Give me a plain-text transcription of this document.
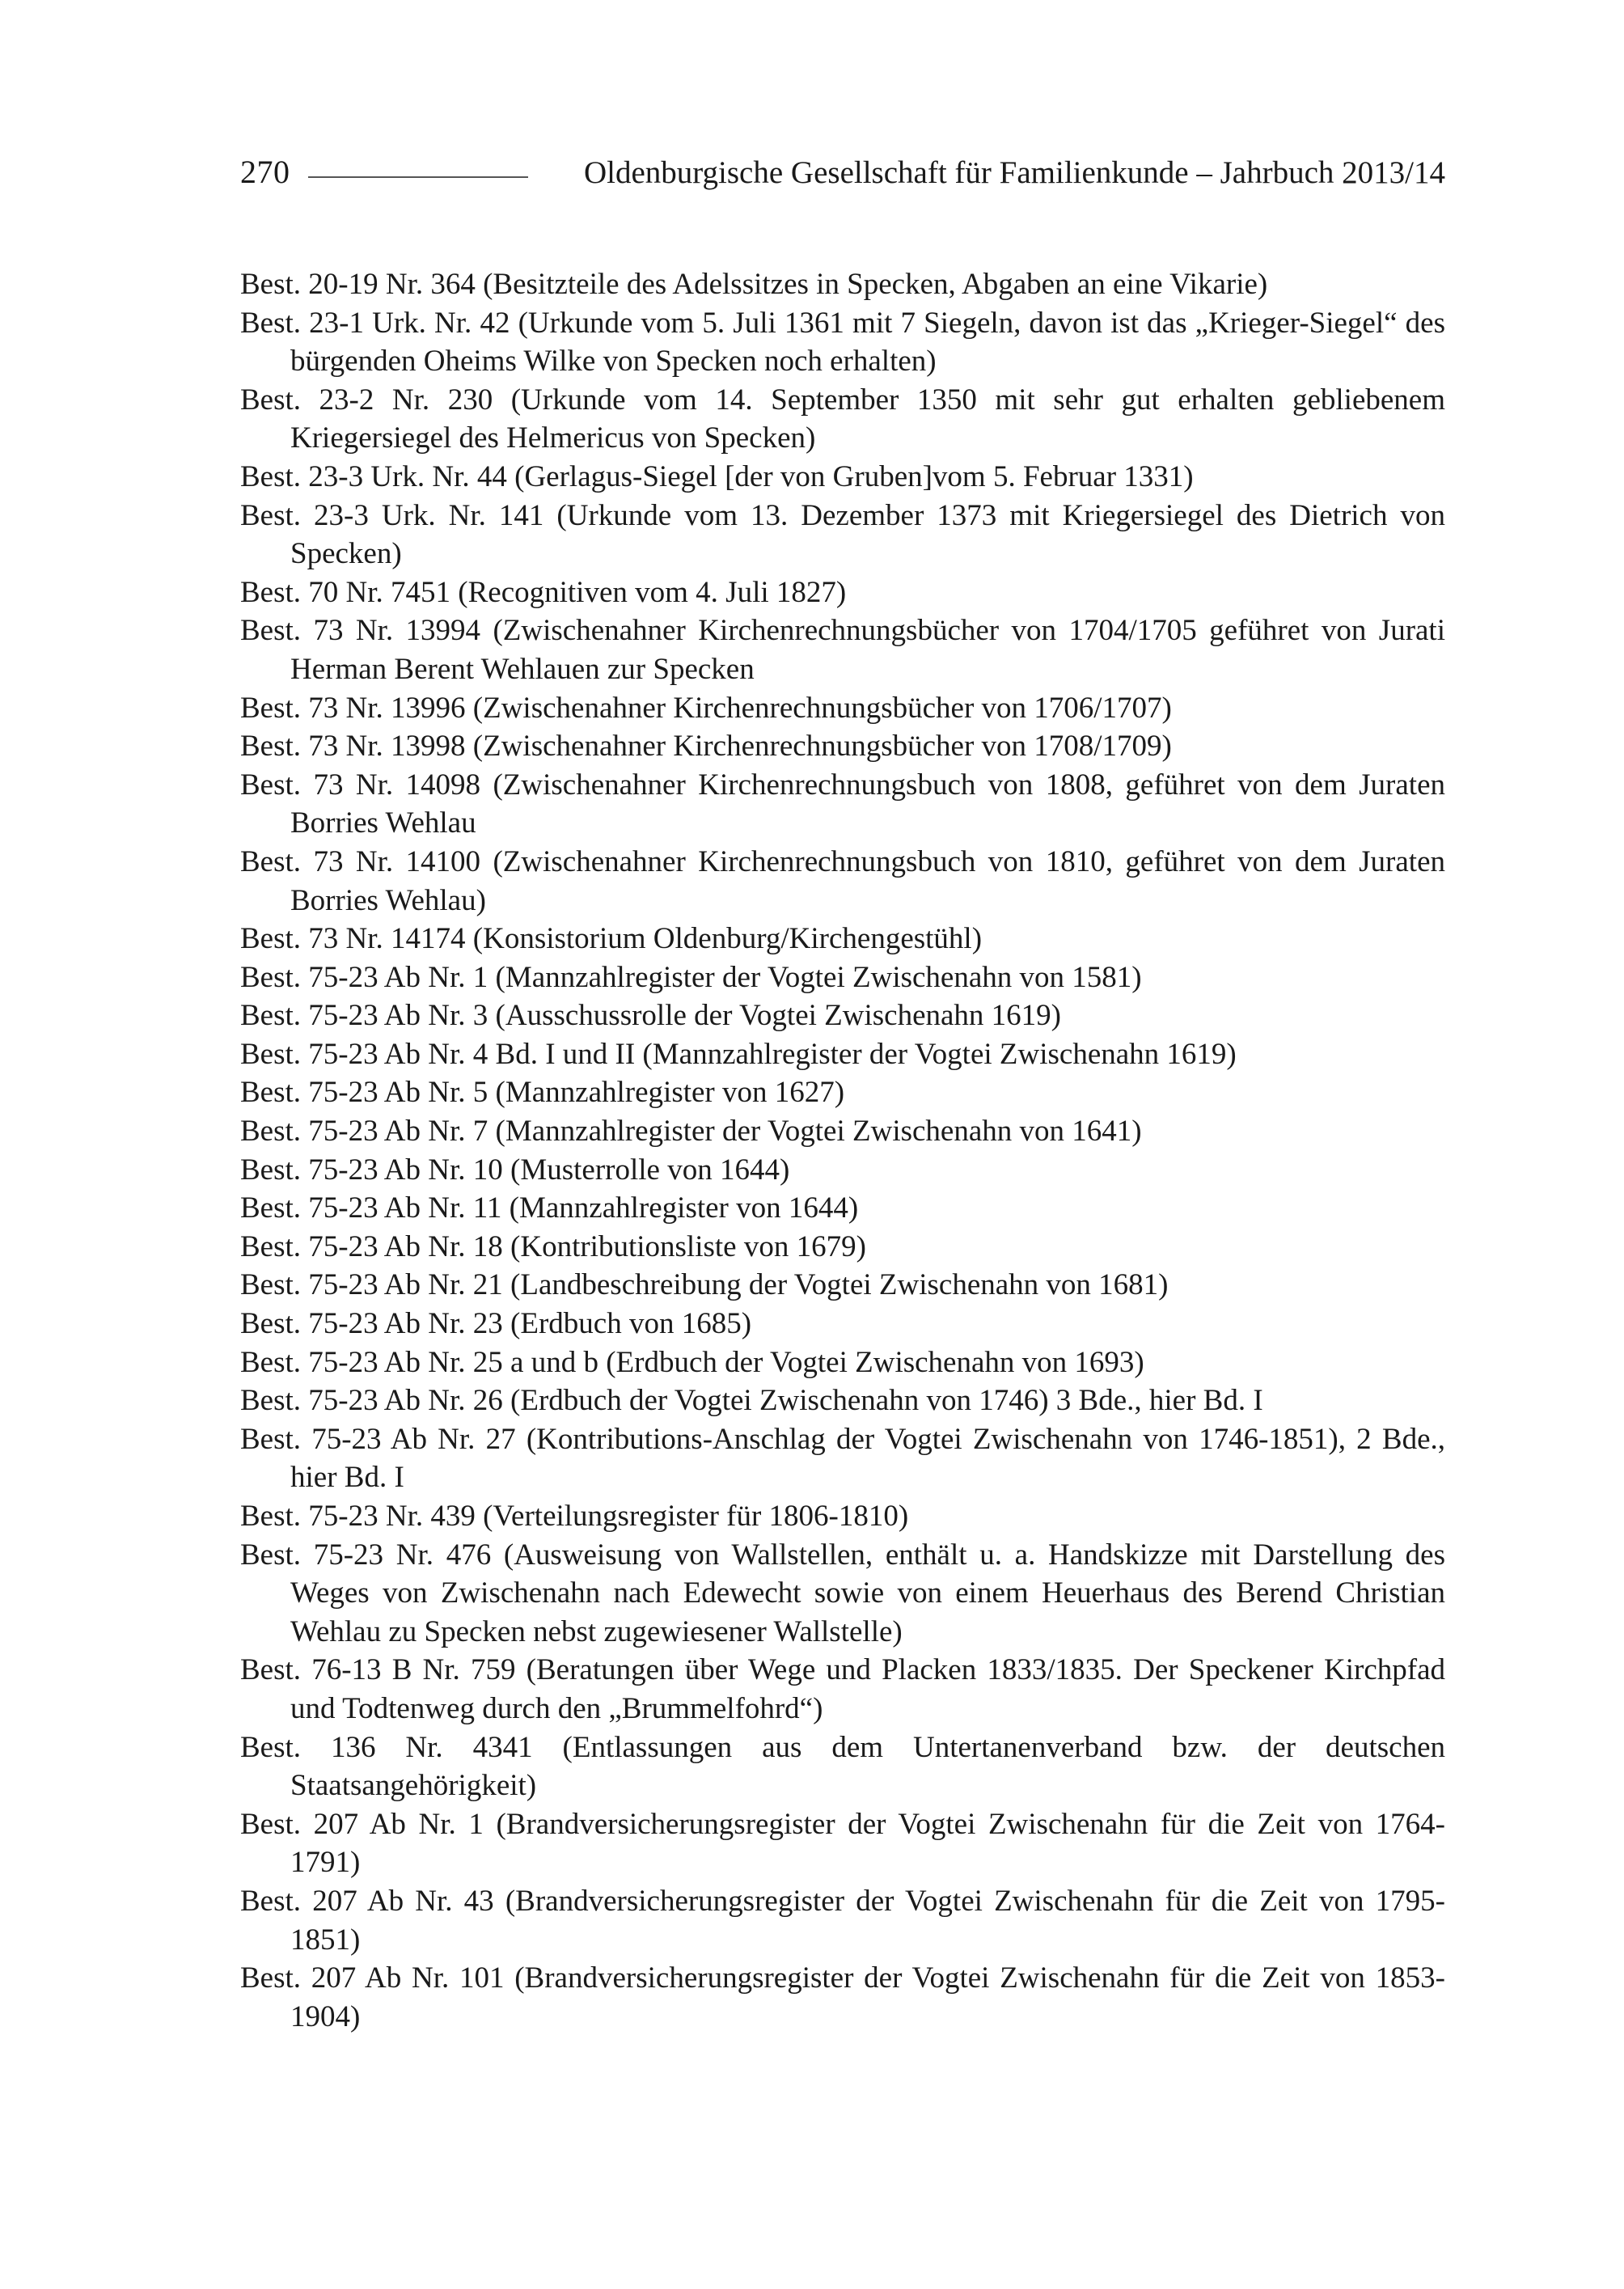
270	Oldenburgische Gesellschaft für Familienkunde – Jahrbuch 2013/14
Best. 20-19 Nr. 364 (Besitzteile des Adelssitzes in Specken, Abgaben an eine Vikarie)
Best. 23-1 Urk. Nr. 42 (Urkunde vom 5. Juli 1361 mit 7 Siegeln, davon ist das „Krieger-Siegel“ des bürgenden Oheims Wilke von Specken noch erhalten)
Best. 23-2 Nr. 230 (Urkunde vom 14. September 1350 mit sehr gut erhalten gebliebenem Kriegersiegel des Helmericus von Specken)
Best. 23-3 Urk. Nr. 44 (Gerlagus-Siegel [der von Gruben]vom 5. Februar 1331)
Best. 23-3 Urk. Nr. 141 (Urkunde vom 13. Dezember 1373 mit Kriegersiegel des Dietrich von Specken)
Best. 70 Nr. 7451 (Recognitiven vom 4. Juli 1827)
Best. 73 Nr. 13994 (Zwischenahner Kirchenrechnungsbücher von 1704/1705 geführet von Jurati Herman Berent Wehlauen zur Specken
Best. 73 Nr. 13996 (Zwischenahner Kirchenrechnungsbücher von 1706/1707)
Best. 73 Nr. 13998 (Zwischenahner Kirchenrechnungsbücher von 1708/1709)
Best. 73 Nr. 14098 (Zwischenahner Kirchenrechnungsbuch von 1808, geführet von dem Juraten Borries Wehlau
Best. 73 Nr. 14100 (Zwischenahner Kirchenrechnungsbuch von 1810, geführet von dem Juraten Borries Wehlau)
Best. 73 Nr. 14174 (Konsistorium Oldenburg/Kirchengestühl)
Best. 75-23 Ab Nr. 1 (Mannzahlregister der Vogtei Zwischenahn von 1581)
Best. 75-23 Ab Nr. 3 (Ausschussrolle der Vogtei Zwischenahn 1619)
Best. 75-23 Ab Nr. 4 Bd. I und II (Mannzahlregister der Vogtei Zwischenahn 1619)
Best. 75-23 Ab Nr. 5 (Mannzahlregister von 1627)
Best. 75-23 Ab Nr. 7 (Mannzahlregister der Vogtei Zwischenahn von 1641)
Best. 75-23 Ab Nr. 10 (Musterrolle von 1644)
Best. 75-23 Ab Nr. 11 (Mannzahlregister von 1644)
Best. 75-23 Ab Nr. 18 (Kontributionsliste von 1679)
Best. 75-23 Ab Nr. 21 (Landbeschreibung der Vogtei Zwischenahn von 1681)
Best. 75-23 Ab Nr. 23 (Erdbuch von 1685)
Best. 75-23 Ab Nr. 25 a und b (Erdbuch der Vogtei Zwischenahn von 1693)
Best. 75-23 Ab Nr. 26 (Erdbuch der Vogtei Zwischenahn von 1746) 3 Bde., hier Bd. I
Best. 75-23 Ab Nr. 27 (Kontributions-Anschlag der Vogtei Zwischenahn von 1746-1851), 2 Bde., hier Bd. I
Best. 75-23 Nr. 439 (Verteilungsregister für 1806-1810)
Best. 75-23 Nr. 476 (Ausweisung von Wallstellen, enthält u. a. Handskizze mit Darstellung des Weges von Zwischenahn nach Edewecht sowie von einem Heuerhaus des Berend Christian Wehlau zu Specken nebst zugewiesener Wallstelle)
Best. 76-13 B Nr. 759 (Beratungen über Wege und Placken 1833/1835. Der Speckener Kirchpfad und Todtenweg durch den „Brummelfohrd“)
Best. 136 Nr. 4341 (Entlassungen aus dem Untertanenverband bzw. der deutschen Staatsangehörigkeit)
Best. 207 Ab Nr. 1 (Brandversicherungsregister der Vogtei Zwischenahn für die Zeit von 1764-1791)
Best. 207 Ab Nr. 43 (Brandversicherungsregister der Vogtei Zwischenahn für die Zeit von 1795-1851)
Best. 207 Ab Nr. 101 (Brandversicherungsregister der Vogtei Zwischenahn für die Zeit von 1853-1904)
